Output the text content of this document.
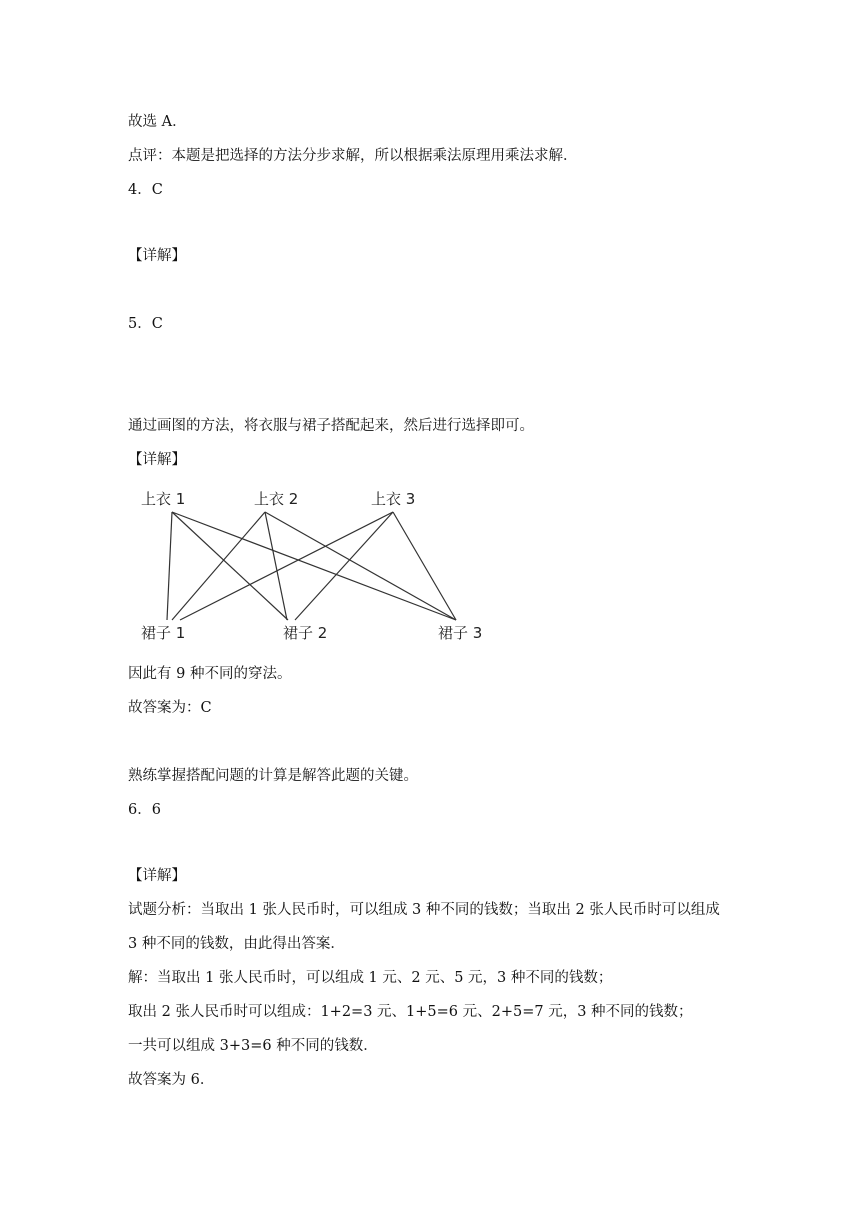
故选 A．

点评：本题是把选择的方法分步求解，所以根据乘法原理用乘法求解．

4．C

【详解】

5．C

通过画图的方法，将衣服与裙子搭配起来，然后进行选择即可。

【详解】

上衣 1	上衣 2	上衣 3
裙子 1	裙子 2	裙子 3

因此有 9 种不同的穿法。

故答案为：C

熟练掌握搭配问题的计算是解答此题的关键。

6．6

【详解】

试题分析：当取出 1 张人民币时，可以组成 3 种不同的钱数；当取出 2 张人民币时可以组成

3 种不同的钱数，由此得出答案．

解：当取出 1 张人民币时，可以组成 1 元、2 元、5 元，3 种不同的钱数；

取出 2 张人民币时可以组成：1+2=3 元、1+5=6 元、2+5=7 元，3 种不同的钱数；

一共可以组成 3+3=6 种不同的钱数．

故答案为 6．
